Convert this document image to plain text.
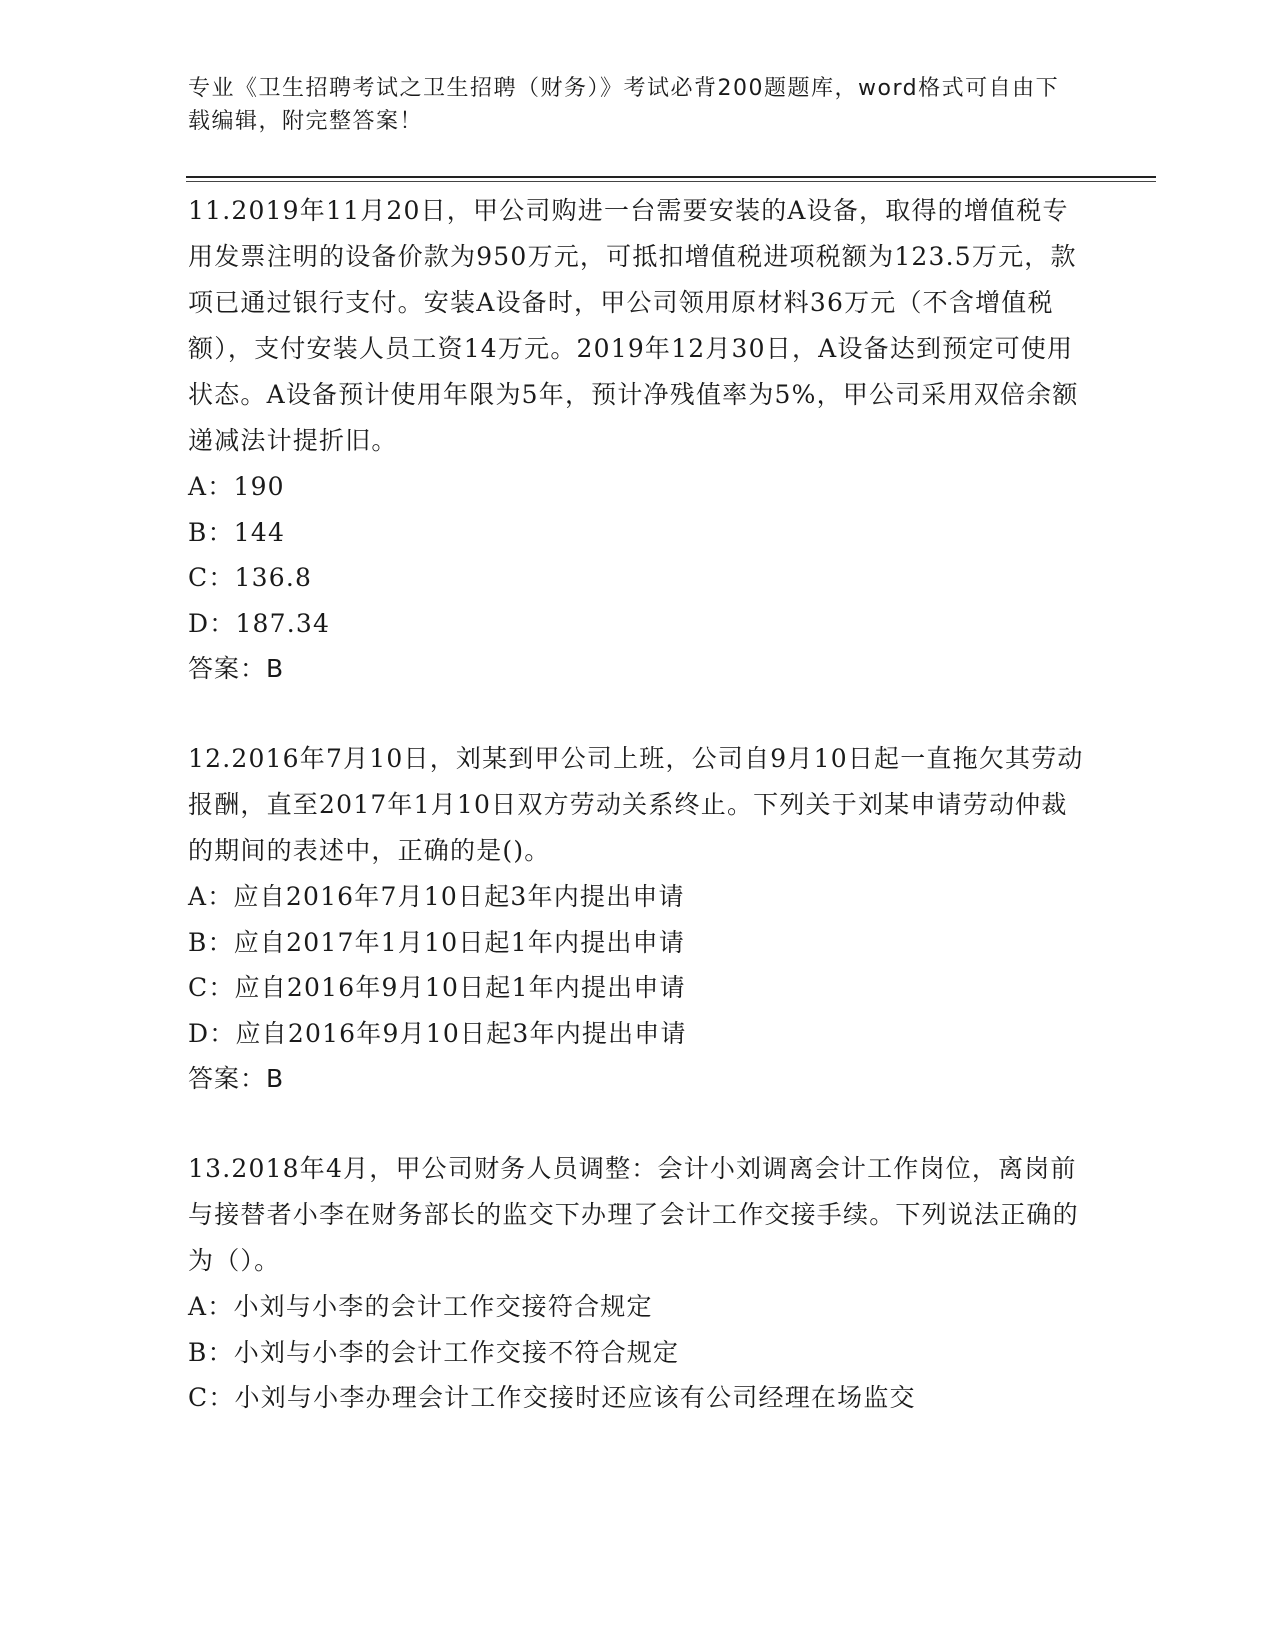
专业《卫生招聘考试之卫生招聘（财务）》考试必背200题题库，word格式可自由下载编辑，附完整答案！
11.2019年11月20日，甲公司购进一台需要安装的A设备，取得的增值税专用发票注明的设备价款为950万元，可抵扣增值税进项税额为123.5万元，款项已通过银行支付。安装A设备时，甲公司领用原材料36万元（不含增值税额），支付安装人员工资14万元。2019年12月30日，A设备达到预定可使用状态。A设备预计使用年限为5年，预计净残值率为5%，甲公司采用双倍余额递减法计提折旧。
A：190
B：144
C：136.8
D：187.34
答案：B
12.2016年7月10日，刘某到甲公司上班，公司自9月10日起一直拖欠其劳动报酬，直至2017年1月10日双方劳动关系终止。下列关于刘某申请劳动仲裁的期间的表述中，正确的是()。
A：应自2016年7月10日起3年内提出申请
B：应自2017年1月10日起1年内提出申请
C：应自2016年9月10日起1年内提出申请
D：应自2016年9月10日起3年内提出申请
答案：B
13.2018年4月，甲公司财务人员调整：会计小刘调离会计工作岗位，离岗前与接替者小李在财务部长的监交下办理了会计工作交接手续。下列说法正确的为（）。
A：小刘与小李的会计工作交接符合规定
B：小刘与小李的会计工作交接不符合规定
C：小刘与小李办理会计工作交接时还应该有公司经理在场监交
